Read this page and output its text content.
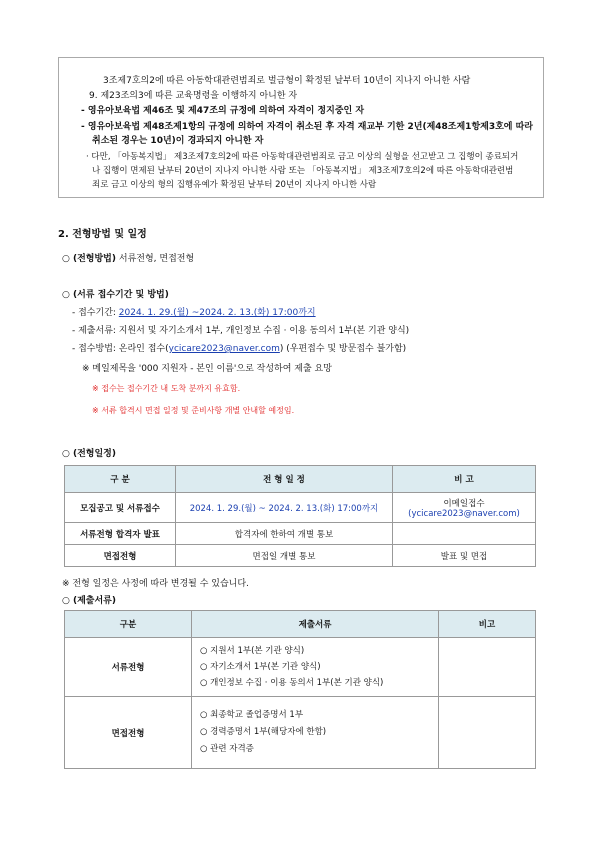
3조제7호의2에 따른 아동학대관련범죄로 벌금형이 확정된 날부터 10년이 지나지 아니한 사람
9. 제23조의3에 따른 교육명령을 이행하지 아니한 자
- 영유아보육법 제46조 및 제47조의 규정에 의하여 자격이 정지중인 자
- 영유아보육법 제48조제1항의 규정에 의하여 자격이 취소된 후 자격 재교부 기한 2년(제48조제1항제3호에 따라
취소된 경우는 10년)이 경과되지 아니한 자
· 다만, 「아동복지법」 제3조제7호의2에 따른 아동학대관련범죄로 금고 이상의 실형을 선고받고 그 집행이 종료되거
나 집행이 면제된 날부터 20년이 지나지 아니한 사람 또는 「아동복지법」 제3조제7호의2에 따른 아동학대관련범
죄로 금고 이상의 형의 집행유예가 확정된 날부터 20년이 지나지 아니한 사람
2. 전형방법 및 일정
○ (전형방법) 서류전형, 면접전형
○ (서류 접수기간 및 방법)
- 접수기간: 2024. 1. 29.(월) ~2024. 2. 13.(화) 17:00까지
- 제출서류: 지원서 및 자기소개서 1부, 개인정보 수집 · 이용 동의서 1부(본 기관 양식)
- 접수방법: 온라인 접수(ycicare2023@naver.com) (우편접수 및 방문접수 불가함)
※ 메일제목을 '000 지원자 - 본인 이름'으로 작성하여 제출 요망
※ 접수는 접수기간 내 도착 분까지 유효함.
※ 서류 합격시 면접 일정 및 준비사항 개별 안내할 예정임.
○ (전형일정)
구 분	전 형 일 정	비 고
모집공고 및 서류접수	2024. 1. 29.(월) ~ 2024. 2. 13.(화) 17:00까지	이메일접수
(ycicare2023@naver.com)

서류전형 합격자 발표	합격자에 한하여 개별 통보	
면접전형	면접일 개별 통보	발표 및 면접
※ 전형 일정은 사정에 따라 변경될 수 있습니다.
○ (제출서류)
구분	제출서류	비고
서류전형	○ 지원서 1부(본 기관 양식)
○ 자기소개서 1부(본 기관 양식)
○ 개인정보 수집 · 이용 동의서 1부(본 기관 양식)	

면접전형	○ 최종학교 졸업증명서 1부
○ 경력증명서 1부(해당자에 한함)
○ 관련 자격증	
